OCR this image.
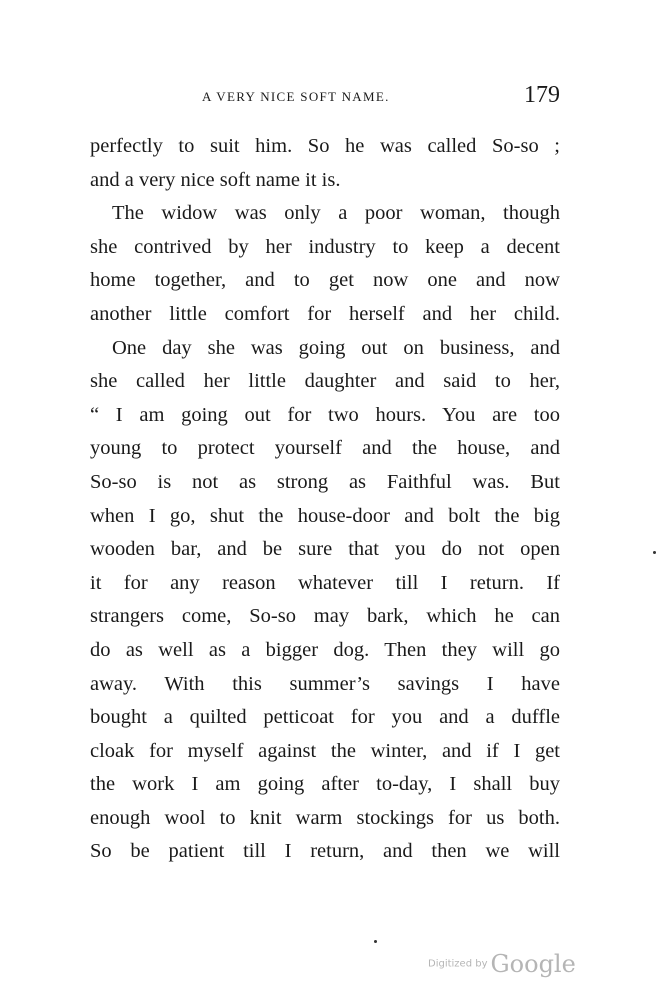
A VERY NICE SOFT NAME.	179
perfectly to suit him. So he was called So-so ;
and a very nice soft name it is.
The widow was only a poor woman, though
she contrived by her industry to keep a decent
home together, and to get now one and now
another little comfort for herself and her child.
One day she was going out on business, and
she called her little daughter and said to her,
“ I am going out for two hours. You are too
young to protect yourself and the house, and
So-so is not as strong as Faithful was. But
when I go, shut the house-door and bolt the big
wooden bar, and be sure that you do not open
it for any reason whatever till I return. If
strangers come, So-so may bark, which he can
do as well as a bigger dog. Then they will go
away. With this summer’s savings I have
bought a quilted petticoat for you and a duffle
cloak for myself against the winter, and if I get
the work I am going after to-day, I shall buy
enough wool to knit warm stockings for us both.
So be patient till I return, and then we will
Digitized by Google
